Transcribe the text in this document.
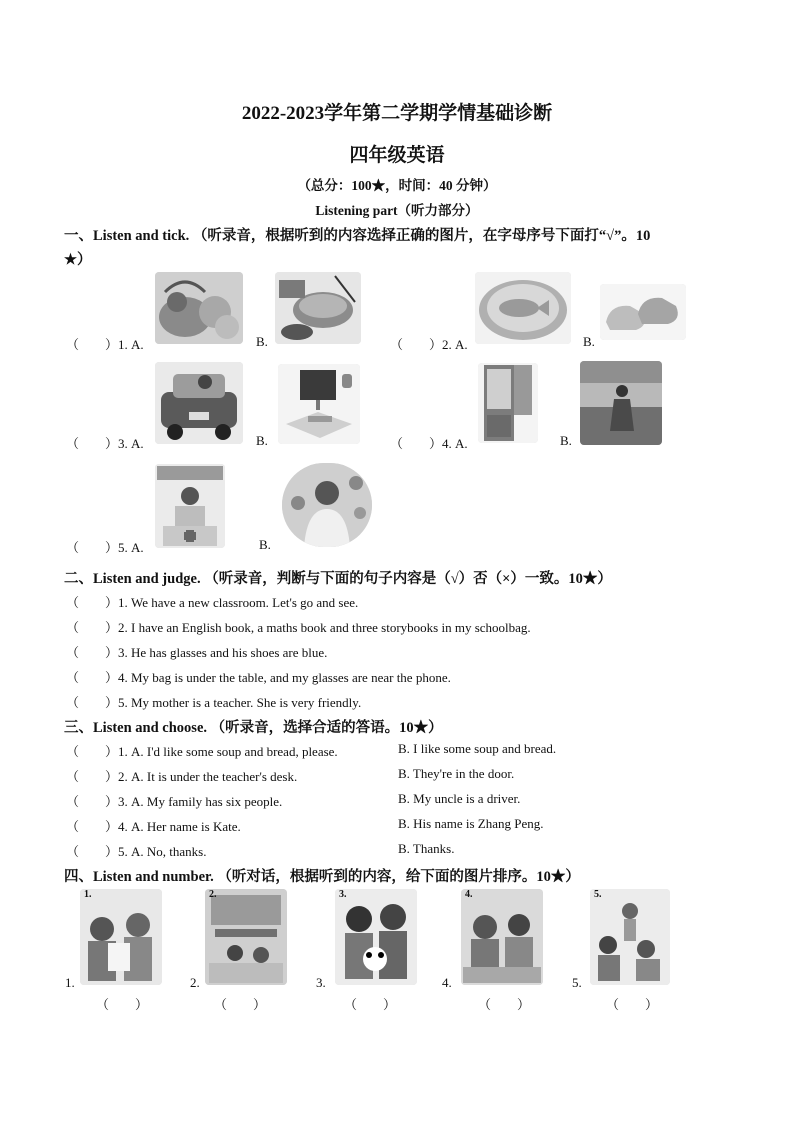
2022-2023学年第二学期学情基础诊断
四年级英语
（总分：100★，时间：40 分钟）
Listening part（听力部分）
一、Listen and tick. （听录音，根据听到的内容选择正确的图片，在字母序号下面打“√”。10
★）
（　　）1. A.	B.	（　　）2. A.	B.
（　　）3. A.	B.	（　　）4. A.	B.
（　　）5. A.	B.
二、Listen and judge. （听录音，判断与下面的句子内容是（√）否（×）一致。10★）
（　　）1. We have a new classroom. Let's go and see.
（　　）2. I have an English book, a maths book and three storybooks in my schoolbag.
（　　）3. He has glasses and his shoes are blue.
（　　）4. My bag is under the table, and my glasses are near the phone.
（　　）5. My mother is a teacher. She is very friendly.
三、Listen and choose. （听录音，选择合适的答语。10★）
（　　）1. A. I'd like some soup and bread, please.	B. I like some soup and bread.
（　　）2. A. It is under the teacher's desk.	B. They're in the door.
（　　）3. A. My family has six people.	B. My uncle is a driver.
（　　）4. A. Her name is Kate.	B. His name is Zhang Peng.
（　　）5. A. No, thanks.	B. Thanks.
四、Listen and number. （听对话，根据听到的内容，给下面的图片排序。10★）
1.
1.
（　　）
2.
2.
（　　）
3.
3.
（　　）
4.
4.
（　　）
5.
5.
（　　）
